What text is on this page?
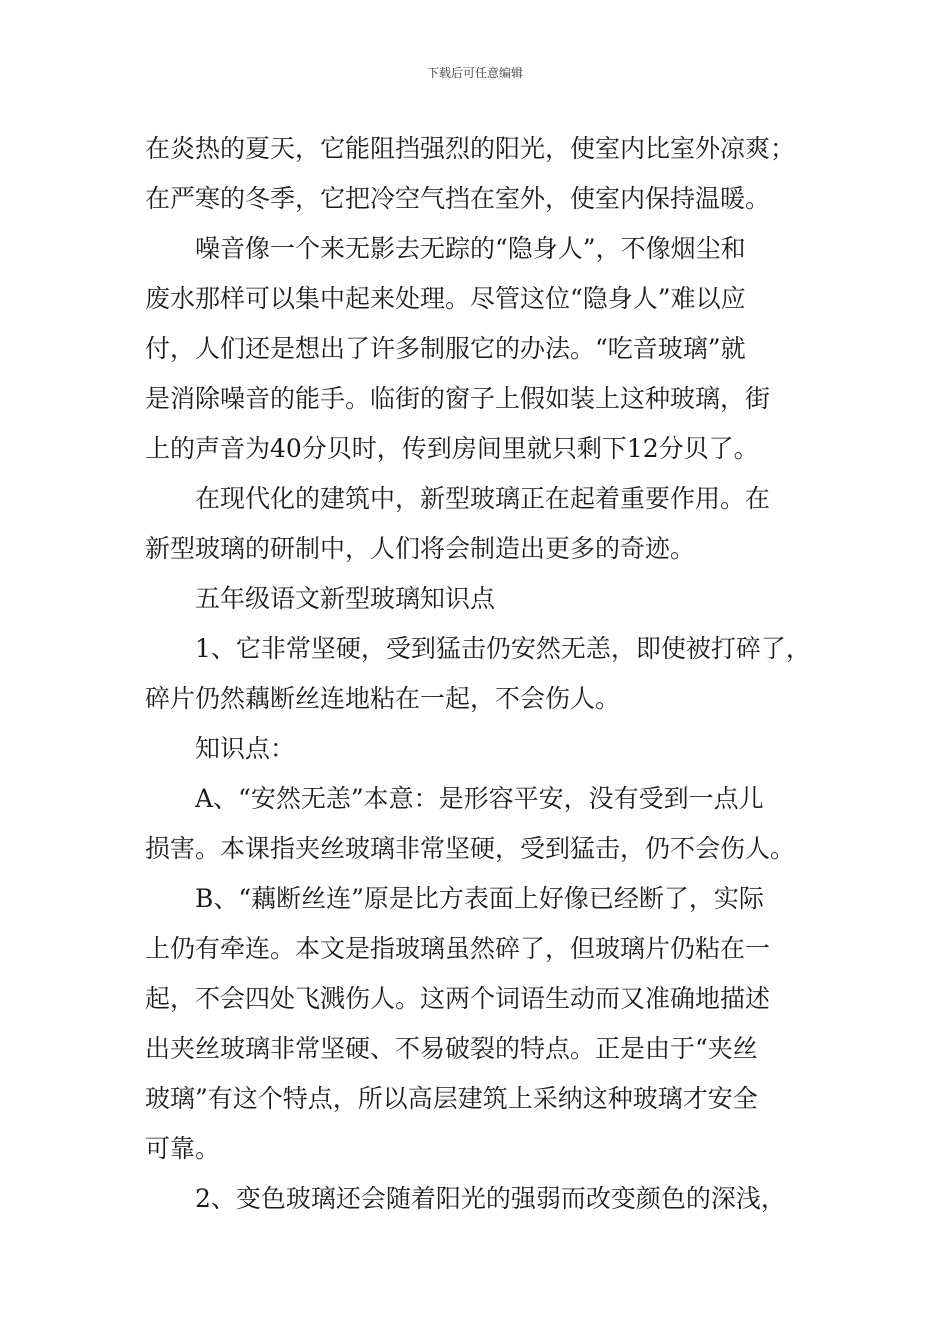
下载后可任意编辑
在炎热的夏天，它能阻挡强烈的阳光，使室内比室外凉爽；
在严寒的冬季，它把冷空气挡在室外，使室内保持温暖。
噪音像一个来无影去无踪的“隐身人”，不像烟尘和
废水那样可以集中起来处理。尽管这位“隐身人”难以应
付，人们还是想出了许多制服它的办法。“吃音玻璃”就
是消除噪音的能手。临街的窗子上假如装上这种玻璃，街
上的声音为40分贝时，传到房间里就只剩下12分贝了。
在现代化的建筑中，新型玻璃正在起着重要作用。在
新型玻璃的研制中，人们将会制造出更多的奇迹。
五年级语文新型玻璃知识点
1、它非常坚硬，受到猛击仍安然无恙，即使被打碎了，
碎片仍然藕断丝连地粘在一起，不会伤人。
知识点：
A、“安然无恙”本意：是形容平安，没有受到一点儿
损害。本课指夹丝玻璃非常坚硬，受到猛击，仍不会伤人。
B、“藕断丝连”原是比方表面上好像已经断了，实际
上仍有牵连。本文是指玻璃虽然碎了，但玻璃片仍粘在一
起，不会四处飞溅伤人。这两个词语生动而又准确地描述
出夹丝玻璃非常坚硬、不易破裂的特点。正是由于“夹丝
玻璃”有这个特点，所以高层建筑上采纳这种玻璃才安全
可靠。
2、变色玻璃还会随着阳光的强弱而改变颜色的深浅，
